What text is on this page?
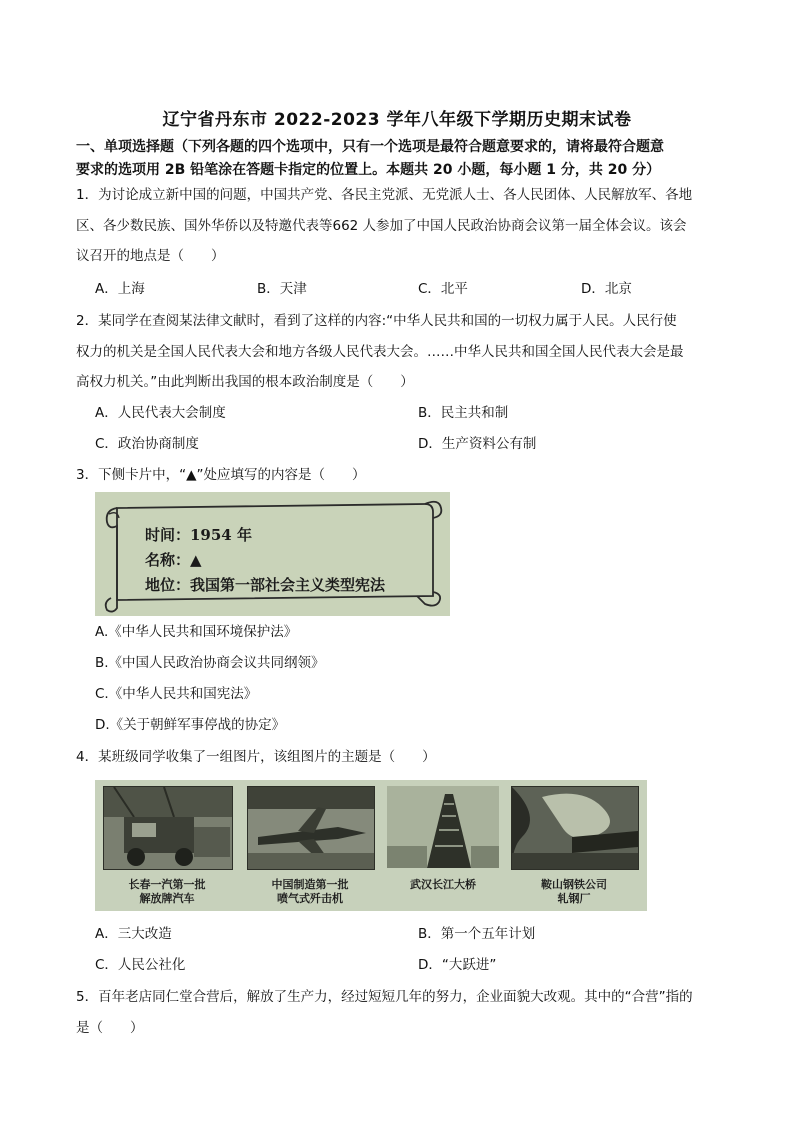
辽宁省丹东市 2022-2023 学年八年级下学期历史期末试卷
一、单项选择题（下列各题的四个选项中，只有一个选项是最符合题意要求的，请将最符合题意
要求的选项用 2B 铅笔涂在答题卡指定的位置上。本题共 20 小题，每小题 1 分，共 20 分）
1．为讨论成立新中国的问题，中国共产党、各民主党派、无党派人士、各人民团体、人民解放军、各地
区、各少数民族、国外华侨以及特邀代表等662 人参加了中国人民政治协商会议第一届全体会议。该会
议召开的地点是（　　）
A．上海	B．天津	C．北平	D．北京
2．某同学在查阅某法律文献时，看到了这样的内容:“中华人民共和国的一切权力属于人民。人民行使
权力的机关是全国人民代表大会和地方各级人民代表大会。……中华人民共和国全国人民代表大会是最
高权力机关。”由此判断出我国的根本政治制度是（　　）
A．人民代表大会制度	B．民主共和制
C．政治协商制度	D．生产资料公有制
3．下侧卡片中，“▲”处应填写的内容是（　　）
时间：1954 年
名称：▲
地位：我国第一部社会主义类型宪法
A.《中华人民共和国环境保护法》
B.《中国人民政治协商会议共同纲领》
C.《中华人民共和国宪法》
D.《关于朝鲜军事停战的协定》
4．某班级同学收集了一组图片，该组图片的主题是（　　）
长春一汽第一批
解放牌汽车
中国制造第一批
喷气式歼击机
武汉长江大桥	鞍山钢铁公司
轧钢厂
A．三大改造	B．第一个五年计划
C．人民公社化	D．“大跃进”
5．百年老店同仁堂合营后，解放了生产力，经过短短几年的努力，企业面貌大改观。其中的“合营”指的
是（　　）
